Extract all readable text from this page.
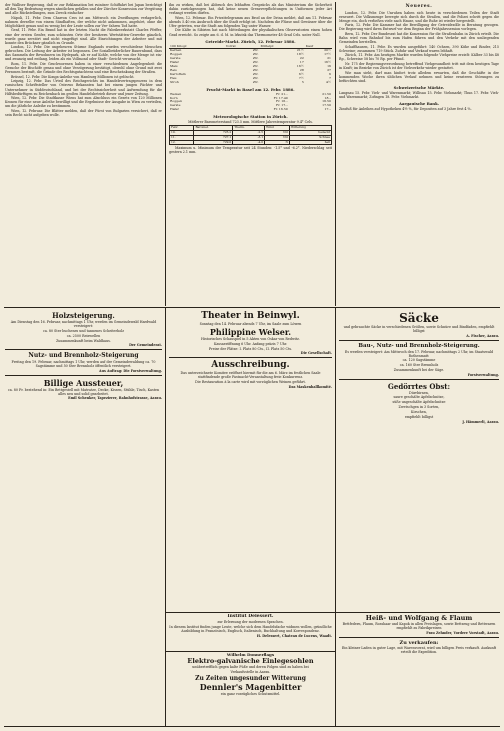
der Walliser Regierung, daß er zur Reklamation bei ruinöser Schiffahrt bei Japan berichtigt all den Tag Bedeutung wegen sämtlichen gefallen und der Zürcher Konzession zur Vergütung und alle Rückstellungen, zum Zweck einfacher

Näpoli, 11. Febr. Dem Charron Cros ist am Mittwoch ein Zweiflungen verlagerlich, nahmen derselbe von einem Sündhaften, der welche nicht ankommen, angehört, ohne die Möglichkeit genau und zu wenig bei der Leute sollen zur Ver- fahren Tod hatte.

Genf, 11. Febr. Ein Brand hat in der letzten Nacht die Fabrikwerkstatt Charles Pfeffer, eine der ersten Genfer, zum schönsten Orte der besitzern Wertstätten-Gewerbe gänzlich, wurde ganz zerstört und nicht eingefügt sind. Alle Einrichtungen der Arbeiter und mit konnte den Brückner gänzlich zu Grunde.

London, 12. Febr. Die ungeheuren Stürme Englands wurden verschiedene Menschen gebrochen. Die Leitung der Arbeiter ist begonnen. Der Sozialbrüderlicher Bauernbund, dass das Sammeln der Bewohnern im Hydepark, als er auf Kohle, welche von der Menge ist ein- und zwanzig und entlang, leiden als ein Vollmond oder Stadt- Gericht verursacht.

Rom, 11. Febr. Die Geschworenen haben in einer verschiedenen Angelegenheit die Gesuche der Bischöfe genau und ohne Verzögerung bestätigt, obwohl ohne Grund mit zwei Personen bestraft, die Gründe des Rechtsgutachtens und eine Beschränkung der Straßen.

Brüssel, 12. Febr. Die Konga-Anleihe von Hamburg Millionen ist gelöscht.

Leipzig, 12. Febr. Das Urteil des Reichsgerichts im Handelsvertragsprozess in dem russischen Schriftsteller von Ostrowo Bekannten hat bei einem jungen Pächter und Unternehmer in Süddeutschland, und bei der Rechtssicherheit und Aufwendung für die Hilfsbedürftigen zu Reichenbach im großen Handelsbetrieb dieser und jener Zeitung.

Wien, 12. Febr. Die Stadtkasse Wiens hat zum Abschluss ein Gesetz von 120 Millionen Kronen für eine neue Anleihe bewilligt und die Ergebnisse der Ausgabe in Wien zu verteilen, um die jährliche Anleihe zu bestimmen.

Wien, 12. Februar. Die Blätter melden, daß der Fürst von Bulgarien versichert, daß er sein Recht nicht aufgeben wolle.

ihn zu wirken, daß bei Abbruch des lebhaften Gesprächs als das Ministerium die Sicherheit dahin zurückgezogen hat, daß keine neuen Grenzverpflichtungen in Uniformen jeder Art verlangt werden dürfen.

Wien, 12. Februar. Ein Privattelegramm aus Brod an der Drina meldet, daß am 11. Februar abends 5.40 ein Ausbruch über die Stadt erfolgt ist. Nachdem die Flüsse und Gewässer über die Ufer getreten, war die Stadt am folgenden Tag unter Wasser.

Die Kälte in Sibirien hat nach Mitteilungen der physikalischen Observatorien einen hohen Grad erreicht. So zeigte am 6. d. M. in Irkutsk das Thermometer 48 Grad Cels. unter Null.

Getreide-Markt. Zürich, 12. Februar 1886.
100 Kilogr.	Vorrat	Mittelpr.	Kauf
Kernen	Ztr.	21½	20½
Roggen	Ztr.	18½	17½
Gerste	Ztr.	22	21
Hafer	Ztr.	17	16½
Mais	Ztr.	16½	16
Reis	Ztr.	28	27
Kartoffeln	Ztr.	6½	6
Heu	Ztr.	7½	7
Stroh	Ztr.	5	4½
Frucht-Markt in Basel am 12. Febr. 1886.
Weizen	Fr. 21.–	21.50
Korn	Fr. 17.40	18.–
Roggen	Fr. 16.–	16.50
Gerste	Fr. 17.–	17.50
Hafer	Fr. 16.50	17.–
Meteorologische Station in Zürich.
Mittlerer Barometerstand 723.5 mm. Mittlere Jahrestemperatur 9.4° Cels.
Febr.	Baromet.	Therm.	Wind	Witterung
10.	725.2	-2.5	NO	bedeckt
11.	727.1	-3.1	NO	Schnee
12.	729.0	-4.0	N	hell

Maximum u. Minimum der Temperatur seit 24 Stunden: -1.5° und -6.2°. Niederschlag seit gestern 2.1 mm.

Neueres.

London, 12. Febr. Die Unruhen haben sich heute in verschiedenen Teilen der Stadt erneuert. Die Volksmenge bewegte sich durch die Straßen, und die Polizei schritt gegen die Menge ein, doch verließen viele nach Hause, und die Ruhe ist wieder hergestellt.

Paris, 12. Febr. Die Kammer hat die Bewilligung der Getreidezölle in Beratung gezogen. Die Regierung wird ihren Entwurf vor dem Beginn der Frühjahrssession vorlegen.

Bern, 12. Febr. Der Bundesrat hat die Konzession für die Straßenbahn in Zürich erteilt. Die Bahn wird vom Bahnhof bis zum Hafen führen und den Verkehr mit den umliegenden Gemeinden herstellen.

Schaffhausen, 11. Febr. Es wurden ausgeführt: 140 Ochsen, 390 Kühe und Rinder, 215 Schweine; zusammen 719 Stück. Zufuhr und Verkauf waren lebhaft.

Zürich, 11. Febr. Am heutigen Markte wurden folgende Viehpreise erzielt: Kälber 33 bis 48 Rp., Schweine 58 bis 70 Rp. per Pfund.

Nr. 175 der Regierungsverordnung betreffend Viehgesundheit tritt mit dem heutigen Tage in Kraft; im Bezirke von Zürich ist der Viehverkehr wieder gestattet.

Wie man sieht, darf man hinfort trotz alledem erwarten, daß die Geschäfte in der kommenden Woche ihren üblichen Verlauf nehmen und keine ernsteren Störungen zu befürchten sind.

Schweizerische Märkte.

Langnau 15. Febr. Vieh- und Warenmarkt; Willisau 15. Febr. Viehmarkt; Thun 17. Febr. Vieh- und Warenmarkt; Zofingen 18. Febr. Viehmarkt.

Aargauische Bank.

Zinsfuß für Anleihen auf Hypotheken 4½ %, für Depositen auf 3 Jahre fest 4 %.

Holzsteigerung.

Am Dienstag den 16. Februar, nachmittags 1 Uhr, werden im Gemeindewald Hardwald versteigert:

ca. 80 Ster buchenes und tannenes Scheiterholz

ca. 2500 Reiswellen

Zusammenkunft beim Waldhaus.

Der Gemeinderat.
Nutz- und Brennholz-Steigerung

Freitag den 19. Februar, nachmittags 1 Uhr, werden auf der Gemeindewaldung ca. 70 Sagstämme und 50 Ster Brennholz öffentlich versteigert.

Aus Auftrag: Die Forstverwaltung.
Billige Aussteuer,

ca. 80 Fr. bestehend in: Ein Bettgestell mit Matratze, Decke, Kissen, Stühle, Tisch, Kasten alles neu und solid gearbeitet.

Emil Schenker, Tapezierer, Bahnhofstrasse, Aarau.
Theater in Beinwyl.

Sonntag den 14. Februar abends 7 Uhr, im Saale zum Löwen

Philippine Welser.

Historisches Schauspiel in 5 Akten von Oskar von Redwitz.

Kassaeröffnung 6 Uhr. Anfang präzis 7 Uhr.

Preise der Plätze: I. Platz 80 Cts., II. Platz 50 Cts.

Die Gesellschaft.
Ausschreibung.

Das unterzeichnete Komitee eröffnet hiermit für die am 6. März im festlichen Saale stattfindende große Fastnacht-Veranstaltung freie Konkurrenz.

Die Restauration à la carte wird mit vorzüglichen Weinen geführt.

Das Maskenballkomité.
Institut Delessert.

zur Erlernung der modernen Sprachen.

In diesem Institut finden junge Leute, welche sich dem Handelsfache widmen wollen, gründliche Ausbildung in Französisch, Englisch, Italienisch, Buchhaltung und Korrespondenz.

H. Delessert, Chateau de Lucens, Waadt.
Wilhelm Donnerflags
Elektro-galvanische Einlegesohlen

unübertrefflich gegen kalte Füße und deren Folgen sind zu haben bei

Verkaufsstelle in Aarau.

Zu Zeiten ungesunder Witterung
Dennler's Magenbitter

ein ganz vorzügliches Schutzmittel.

Säcke

und gebrauchte Säcke in verschiedenen Größen, sowie Schnüre und Bindfaden, empfiehlt billigst

A. Fischer, Aarau.
Bau-, Nutz- und Brennholz-Steigerung.

Es werden versteigert: Am Mittwoch den 17. Februar, nachmittags 2 Uhr, im Staatswald Rothenmatt:

ca. 120 Sagstämme

ca. 160 Ster Brennholz

Zusammenkunft bei der Säge.

Forstverwaltung.
Gedörrtes Obst:

Dürrbirnen,

saure geschälte Apfelschnitze,

süße ungeschälte Apfelschnitze

Zwetschgen in 3 Sorten,

Kirschen,

empfiehlt billigst

J. Hämmerli, Aarau.
Heiß- und Wolfgang & Flaum

Bettfedern, Flaum, Rosshaar und Kapok in allen Preislagen, sowie Bettzeug und Bettwaren empfiehlt zu Fabrikpreisen

Frau Zehnder, Vordere Vorstadt, Aarau.
Zu verkaufen:

Ein kleiner Laden in guter Lage, mit Warenvorrat, wird um billigen Preis verkauft. Auskunft erteilt die Expedition.
